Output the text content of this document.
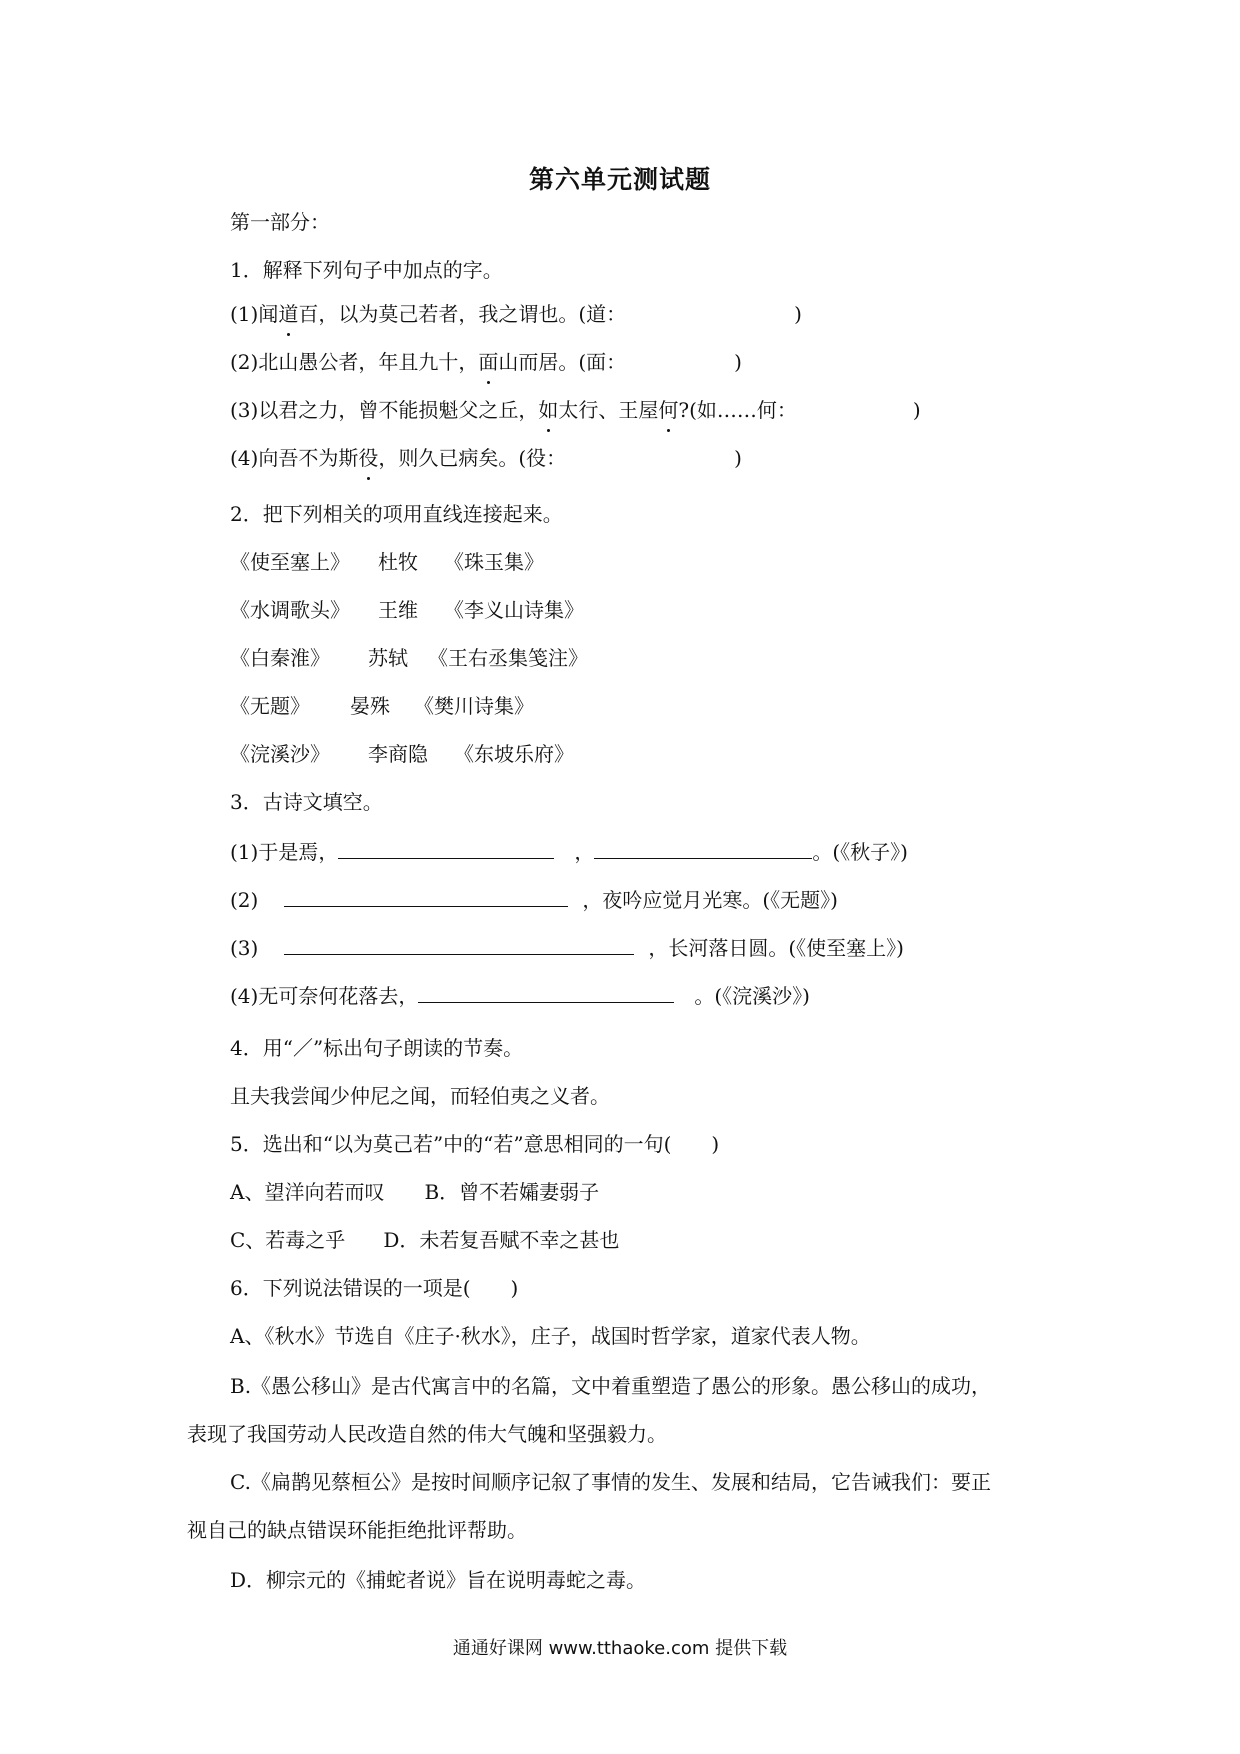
第六单元测试题
第一部分：
1．解释下列句子中加点的字。
(1)闻道百，以为莫己若者，我之谓也。(道：	)
(2)北山愚公者，年且九十，面山而居。(面：	)
(3)以君之力，曾不能损魁父之丘，如太行、王屋何?(如……何：	)
(4)向吾不为斯役，则久已病矣。(役：	)
2．把下列相关的项用直线连接起来。
《使至塞上》 杜牧 《珠玉集》
《水调歌头》 王维 《李义山诗集》
《白秦淮》 苏轼 《王右丞集笺注》
《无题》 晏殊 《樊川诗集》
《浣溪沙》 李商隐 《东坡乐府》
3．古诗文填空。
(1)于是焉，	，	。(《秋子》)
(2)	，夜吟应觉月光寒。(《无题》)
(3)	，长河落日圆。(《使至塞上》)
(4)无可奈何花落去，	。(《浣溪沙》)
4．用“／”标出句子朗读的节奏。
且夫我尝闻少仲尼之闻，而轻伯夷之义者。
5．选出和“以为莫己若”中的“若”意思相同的一句(　　)
A、望洋向若而叹 B．曾不若孀妻弱子
C、若毒之乎 D．未若复吾赋不幸之甚也
6．下列说法错误的一项是(　　)
A、《秋水》节选自《庄子·秋水》，庄子，战国时哲学家，道家代表人物。
B.《愚公移山》是古代寓言中的名篇，文中着重塑造了愚公的形象。愚公移山的成功，
表现了我国劳动人民改造自然的伟大气魄和坚强毅力。
C.《扁鹊见蔡桓公》是按时间顺序记叙了事情的发生、发展和结局，它告诫我们：要正
视自己的缺点错误环能拒绝批评帮助。
D．柳宗元的《捕蛇者说》旨在说明毒蛇之毒。
通通好课网 www.tthaoke.com 提供下载
